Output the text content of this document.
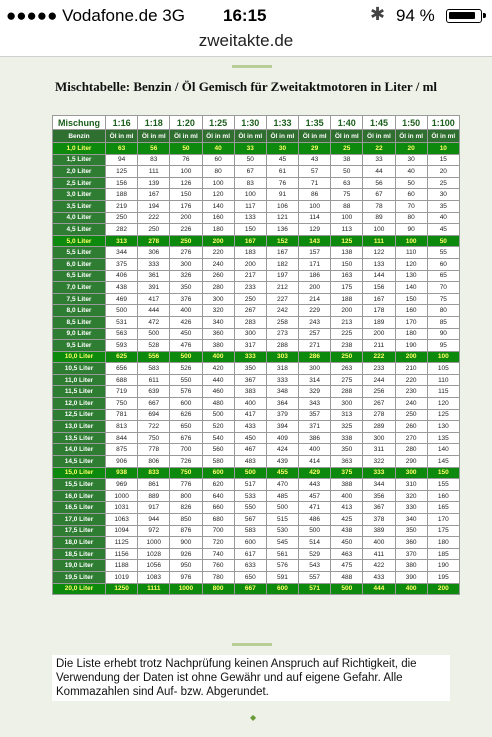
●●●●● Vodafone.de 3G 16:15	✱ 94 %
zweitakte.de
Mischtabelle: Benzin / Öl Gemisch für Zweitaktmotoren in Liter / ml
Mischung	1:16	1:18	1:20	1:25	1:30	1:33	1:35	1:40	1:45	1:50	1:100
Benzin	Öl in ml	Öl in ml	Öl in ml	Öl in ml	Öl in ml	Öl in ml	Öl in ml	Öl in ml	Öl in ml	Öl in ml	Öl in ml
1,0 Liter	63	56	50	40	33	30	29	25	22	20	10
1,5 Liter	94	83	76	60	50	45	43	38	33	30	15
2,0 Liter	125	111	100	80	67	61	57	50	44	40	20
2,5 Liter	156	139	126	100	83	76	71	63	56	50	25
3,0 Liter	188	167	150	120	100	91	86	75	67	60	30
3,5 Liter	219	194	176	140	117	106	100	88	78	70	35
4,0 Liter	250	222	200	160	133	121	114	100	89	80	40
4,5 Liter	282	250	226	180	150	136	129	113	100	90	45
5,0 Liter	313	278	250	200	167	152	143	125	111	100	50
5,5 Liter	344	306	276	220	183	167	157	138	122	110	55
6,0 Liter	375	333	300	240	200	182	171	150	133	120	60
6,5 Liter	406	361	326	260	217	197	186	163	144	130	65
7,0 Liter	438	391	350	280	233	212	200	175	156	140	70
7,5 Liter	469	417	376	300	250	227	214	188	167	150	75
8,0 Liter	500	444	400	320	267	242	229	200	178	160	80
8,5 Liter	531	472	426	340	283	258	243	213	189	170	85
9,0 Liter	563	500	450	360	300	273	257	225	200	180	90
9,5 Liter	593	528	476	380	317	288	271	238	211	190	95
10,0 Liter	625	556	500	400	333	303	286	250	222	200	100
10,5 Liter	656	583	526	420	350	318	300	263	233	210	105
11,0 Liter	688	611	550	440	367	333	314	275	244	220	110
11,5 Liter	719	639	576	460	383	348	329	288	256	230	115
12,0 Liter	750	667	600	480	400	364	343	300	267	240	120
12,5 Liter	781	694	626	500	417	379	357	313	278	250	125
13,0 Liter	813	722	650	520	433	394	371	325	289	260	130
13,5 Liter	844	750	676	540	450	409	386	338	300	270	135
14,0 Liter	875	778	700	560	467	424	400	350	311	280	140
14,5 Liter	906	806	726	580	483	439	414	363	322	290	145
15,0 Liter	938	833	750	600	500	455	429	375	333	300	150
15,5 Liter	969	861	776	620	517	470	443	388	344	310	155
16,0 Liter	1000	889	800	640	533	485	457	400	356	320	160
16,5 Liter	1031	917	826	660	550	500	471	413	367	330	165
17,0 Liter	1063	944	850	680	567	515	486	425	378	340	170
17,5 Liter	1094	972	876	700	583	530	500	438	389	350	175
18,0 Liter	1125	1000	900	720	600	545	514	450	400	360	180
18,5 Liter	1156	1028	926	740	617	561	529	463	411	370	185
19,0 Liter	1188	1056	950	760	633	576	543	475	422	380	190
19,5 Liter	1019	1083	976	780	650	591	557	488	433	390	195
20,0 Liter	1250	1111	1000	800	667	600	571	500	444	400	200
Die Liste erhebt trotz Nachprüfung keinen Anspruch auf Richtigkeit, die Verwendung der Daten ist ohne Gewähr und auf eigene Gefahr. Alle Kommazahlen sind Auf- bzw. Abgerundet.
◆
